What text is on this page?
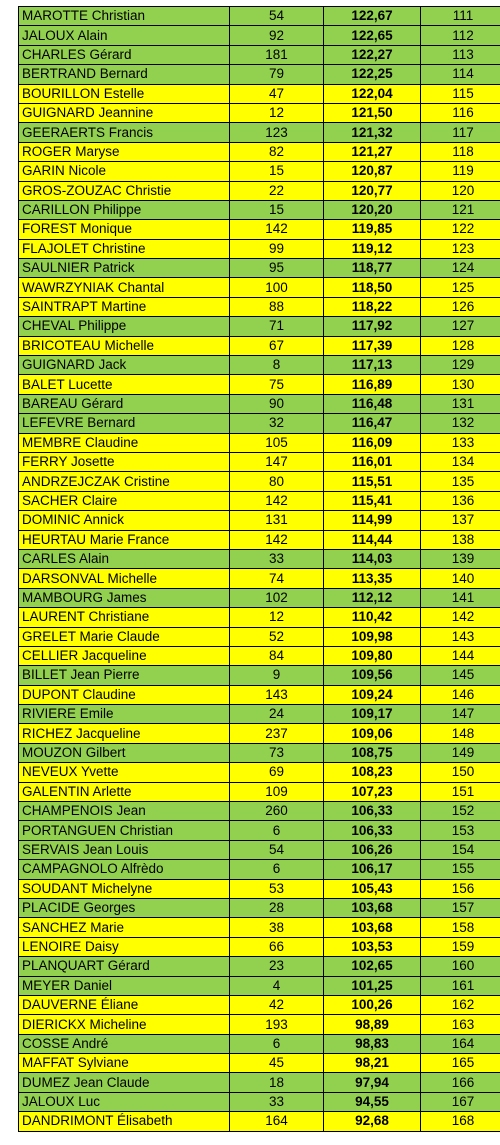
MAROTTE Christian	54	122,67	111
JALOUX Alain	92	122,65	112
CHARLES Gérard	181	122,27	113
BERTRAND Bernard	79	122,25	114
BOURILLON Estelle	47	122,04	115
GUIGNARD Jeannine	12	121,50	116
GEERAERTS Francis	123	121,32	117
ROGER Maryse	82	121,27	118
GARIN Nicole	15	120,87	119
GROS-ZOUZAC Christie	22	120,77	120
CARILLON Philippe	15	120,20	121
FOREST Monique	142	119,85	122
FLAJOLET Christine	99	119,12	123
SAULNIER Patrick	95	118,77	124
WAWRZYNIAK Chantal	100	118,50	125
SAINTRAPT Martine	88	118,22	126
CHEVAL Philippe	71	117,92	127
BRICOTEAU Michelle	67	117,39	128
GUIGNARD Jack	8	117,13	129
BALET Lucette	75	116,89	130
BAREAU Gérard	90	116,48	131
LEFEVRE Bernard	32	116,47	132
MEMBRE Claudine	105	116,09	133
FERRY Josette	147	116,01	134
ANDRZEJCZAK Cristine	80	115,51	135
SACHER Claire	142	115,41	136
DOMINIC Annick	131	114,99	137
HEURTAU Marie France	142	114,44	138
CARLES Alain	33	114,03	139
DARSONVAL Michelle	74	113,35	140
MAMBOURG James	102	112,12	141
LAURENT Christiane	12	110,42	142
GRELET Marie Claude	52	109,98	143
CELLIER Jacqueline	84	109,80	144
BILLET Jean Pierre	9	109,56	145
DUPONT Claudine	143	109,24	146
RIVIERE Emile	24	109,17	147
RICHEZ Jacqueline	237	109,06	148
MOUZON Gilbert	73	108,75	149
NEVEUX Yvette	69	108,23	150
GALENTIN Arlette	109	107,23	151
CHAMPENOIS Jean	260	106,33	152
PORTANGUEN Christian	6	106,33	153
SERVAIS Jean Louis	54	106,26	154
CAMPAGNOLO Alfrèdo	6	106,17	155
SOUDANT Michelyne	53	105,43	156
PLACIDE Georges	28	103,68	157
SANCHEZ Marie	38	103,68	158
LENOIRE Daisy	66	103,53	159
PLANQUART Gérard	23	102,65	160
MEYER Daniel	4	101,25	161
DAUVERNE Éliane	42	100,26	162
DIERICKX Micheline	193	98,89	163
COSSE André	6	98,83	164
MAFFAT Sylviane	45	98,21	165
DUMEZ Jean Claude	18	97,94	166
JALOUX Luc	33	94,55	167
DANDRIMONT Élisabeth	164	92,68	168
